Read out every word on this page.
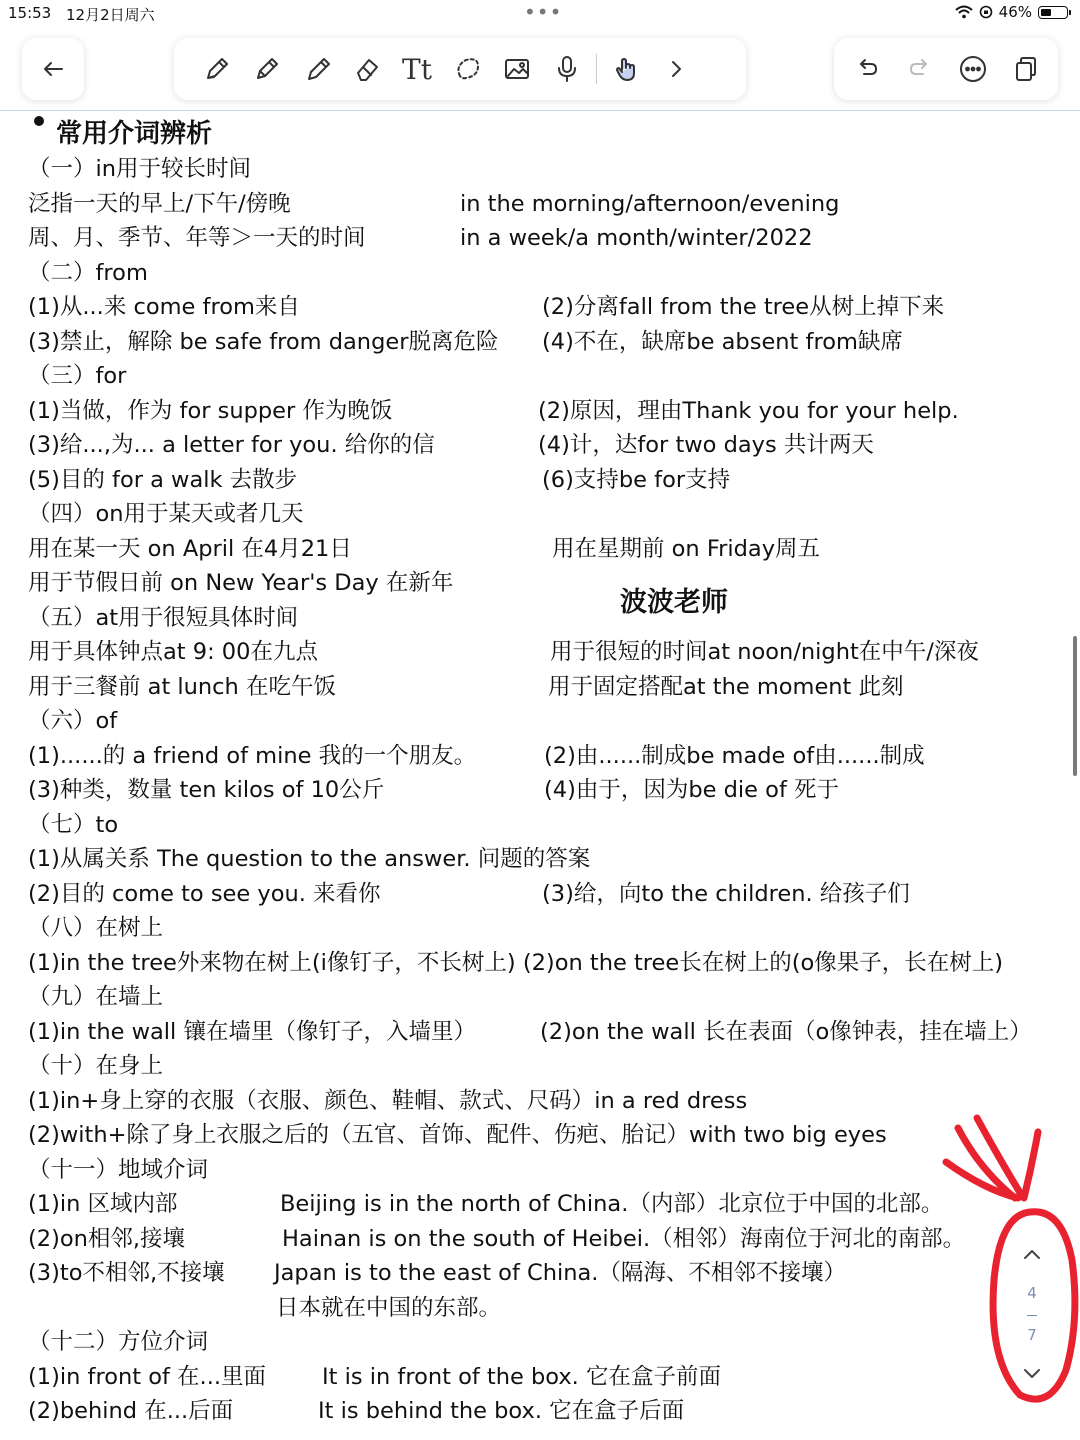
15:53 12月2日周六	•••	46%
Tt
常用介词辨析
（一）in用于较长时间
泛指一天的早上/下午/傍晚	in the morning/afternoon/evening
周、月、季节、年等＞一天的时间	in a week/a month/winter/2022
（二）from
(1)从...来 come from来自	(2)分离fall from the tree从树上掉下来
(3)禁止，解除 be safe from danger脱离危险 (4)不在，缺席be absent from缺席
（三）for
(1)当做，作为 for supper 作为晚饭	(2)原因，理由Thank you for your help.
(3)给...,为... a letter for you. 给你的信	(4)计，达for two days 共计两天
(5)目的 for a walk 去散步	(6)支持be for支持
（四）on用于某天或者几天
用在某一天 on April 在4月21日	用在星期前 on Friday周五
用于节假日前 on New Year's Day 在新年
（五）at用于很短具体时间
用于具体钟点at 9: 00在九点	用于很短的时间at noon/night在中午/深夜
用于三餐前 at lunch 在吃午饭	用于固定搭配at the moment 此刻
（六）of
(1)......的 a friend of mine 我的一个朋友。	(2)由......制成be made of由......制成
(3)种类，数量 ten kilos of 10公斤	(4)由于，因为be die of 死于
（七）to
(1)从属关系 The question to the answer. 问题的答案
(2)目的 come to see you. 来看你	(3)给，向to the children. 给孩子们
（八）在树上
(1)in the tree外来物在树上(i像钉子，不长树上) (2)on the tree长在树上的(o像果子，长在树上)
（九）在墙上
(1)in the wall 镶在墙里（像钉子，入墙里）	(2)on the wall 长在表面（o像钟表，挂在墙上）
（十）在身上
(1)in+身上穿的衣服（衣服、颜色、鞋帽、款式、尺码）in a red dress
(2)with+除了身上衣服之后的（五官、首饰、配件、伤疤、胎记）with two big eyes
（十一）地域介词
(1)in 区域内部	Beijing is in the north of China.（内部）北京位于中国的北部。
(2)on相邻,接壤	Hainan is on the south of Heibei.（相邻）海南位于河北的南部。
(3)to不相邻,不接壤 Japan is to the east of China.（隔海、不相邻不接壤）
日本就在中国的东部。
（十二）方位介词
(1)in front of 在...里面 It is in front of the box. 它在盒子前面
(2)behind 在...后面	It is behind the box. 它在盒子后面
波波老师
4
7
